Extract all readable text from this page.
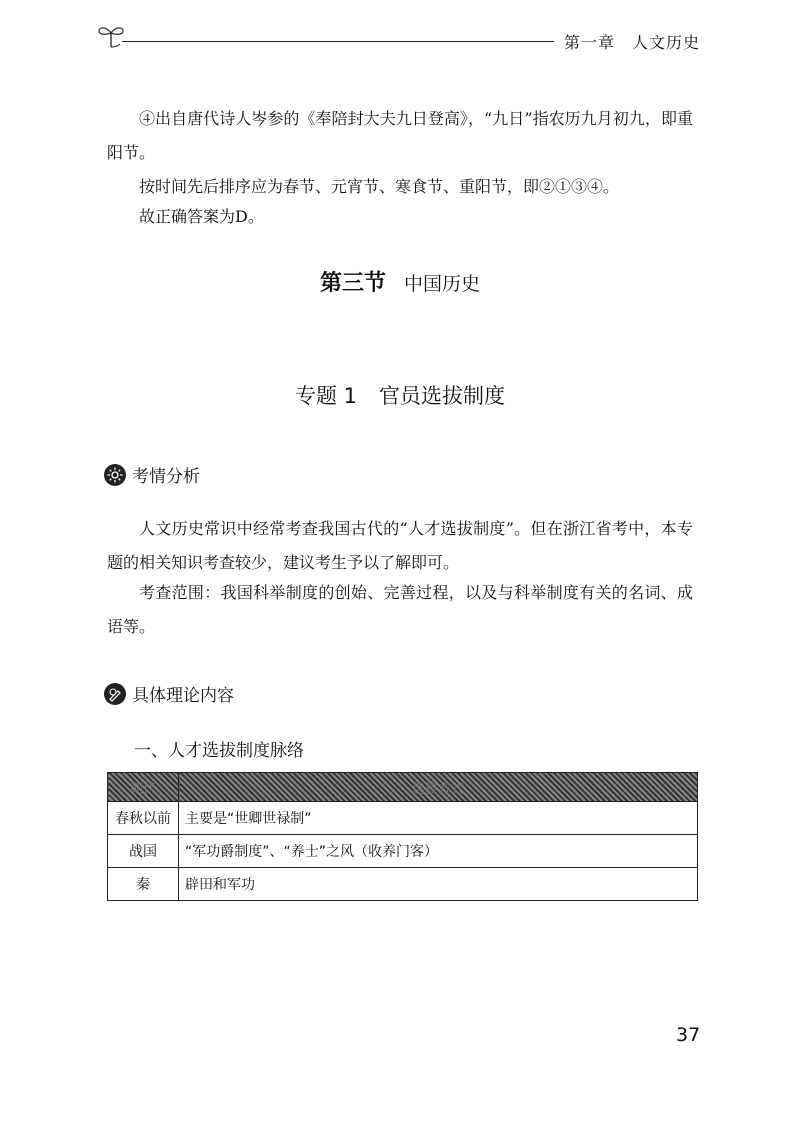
第一章　人文历史
④出自唐代诗人岑参的《奉陪封大夫九日登高》，“九日”指农历九月初九，即重阳节。
按时间先后排序应为春节、元宵节、寒食节、重阳节，即②①③④。
故正确答案为D。
第三节 中国历史
专题 1 官员选拔制度
考情分析
人文历史常识中经常考查我国古代的“人才选拔制度”。但在浙江省考中，本专题的相关知识考查较少，建议考生予以了解即可。
考查范围：我国科举制度的创始、完善过程，以及与科举制度有关的名词、成语等。
具体理论内容
一、人才选拔制度脉络
朝代	选拔方式
春秋以前	主要是“世卿世禄制”
战国	“军功爵制度”、“养士”之风（收养门客）
秦	辟田和军功
37
